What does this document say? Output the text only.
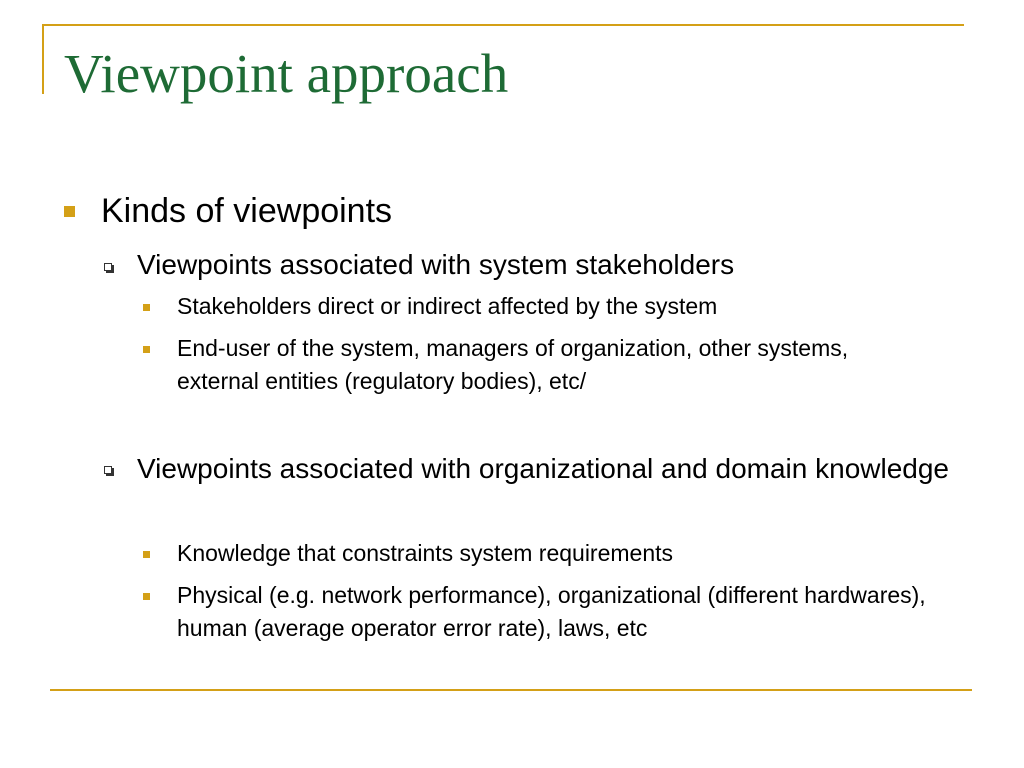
Viewpoint approach

Kinds of viewpoints

Viewpoints associated with system stakeholders

Stakeholders direct or indirect affected by the system

End-user of the system, managers of organization, other systems, external entities (regulatory bodies), etc/

Viewpoints associated with organizational and domain knowledge

Knowledge that constraints system requirements

Physical (e.g. network performance), organizational (different hardwares), human (average operator error rate), laws, etc
